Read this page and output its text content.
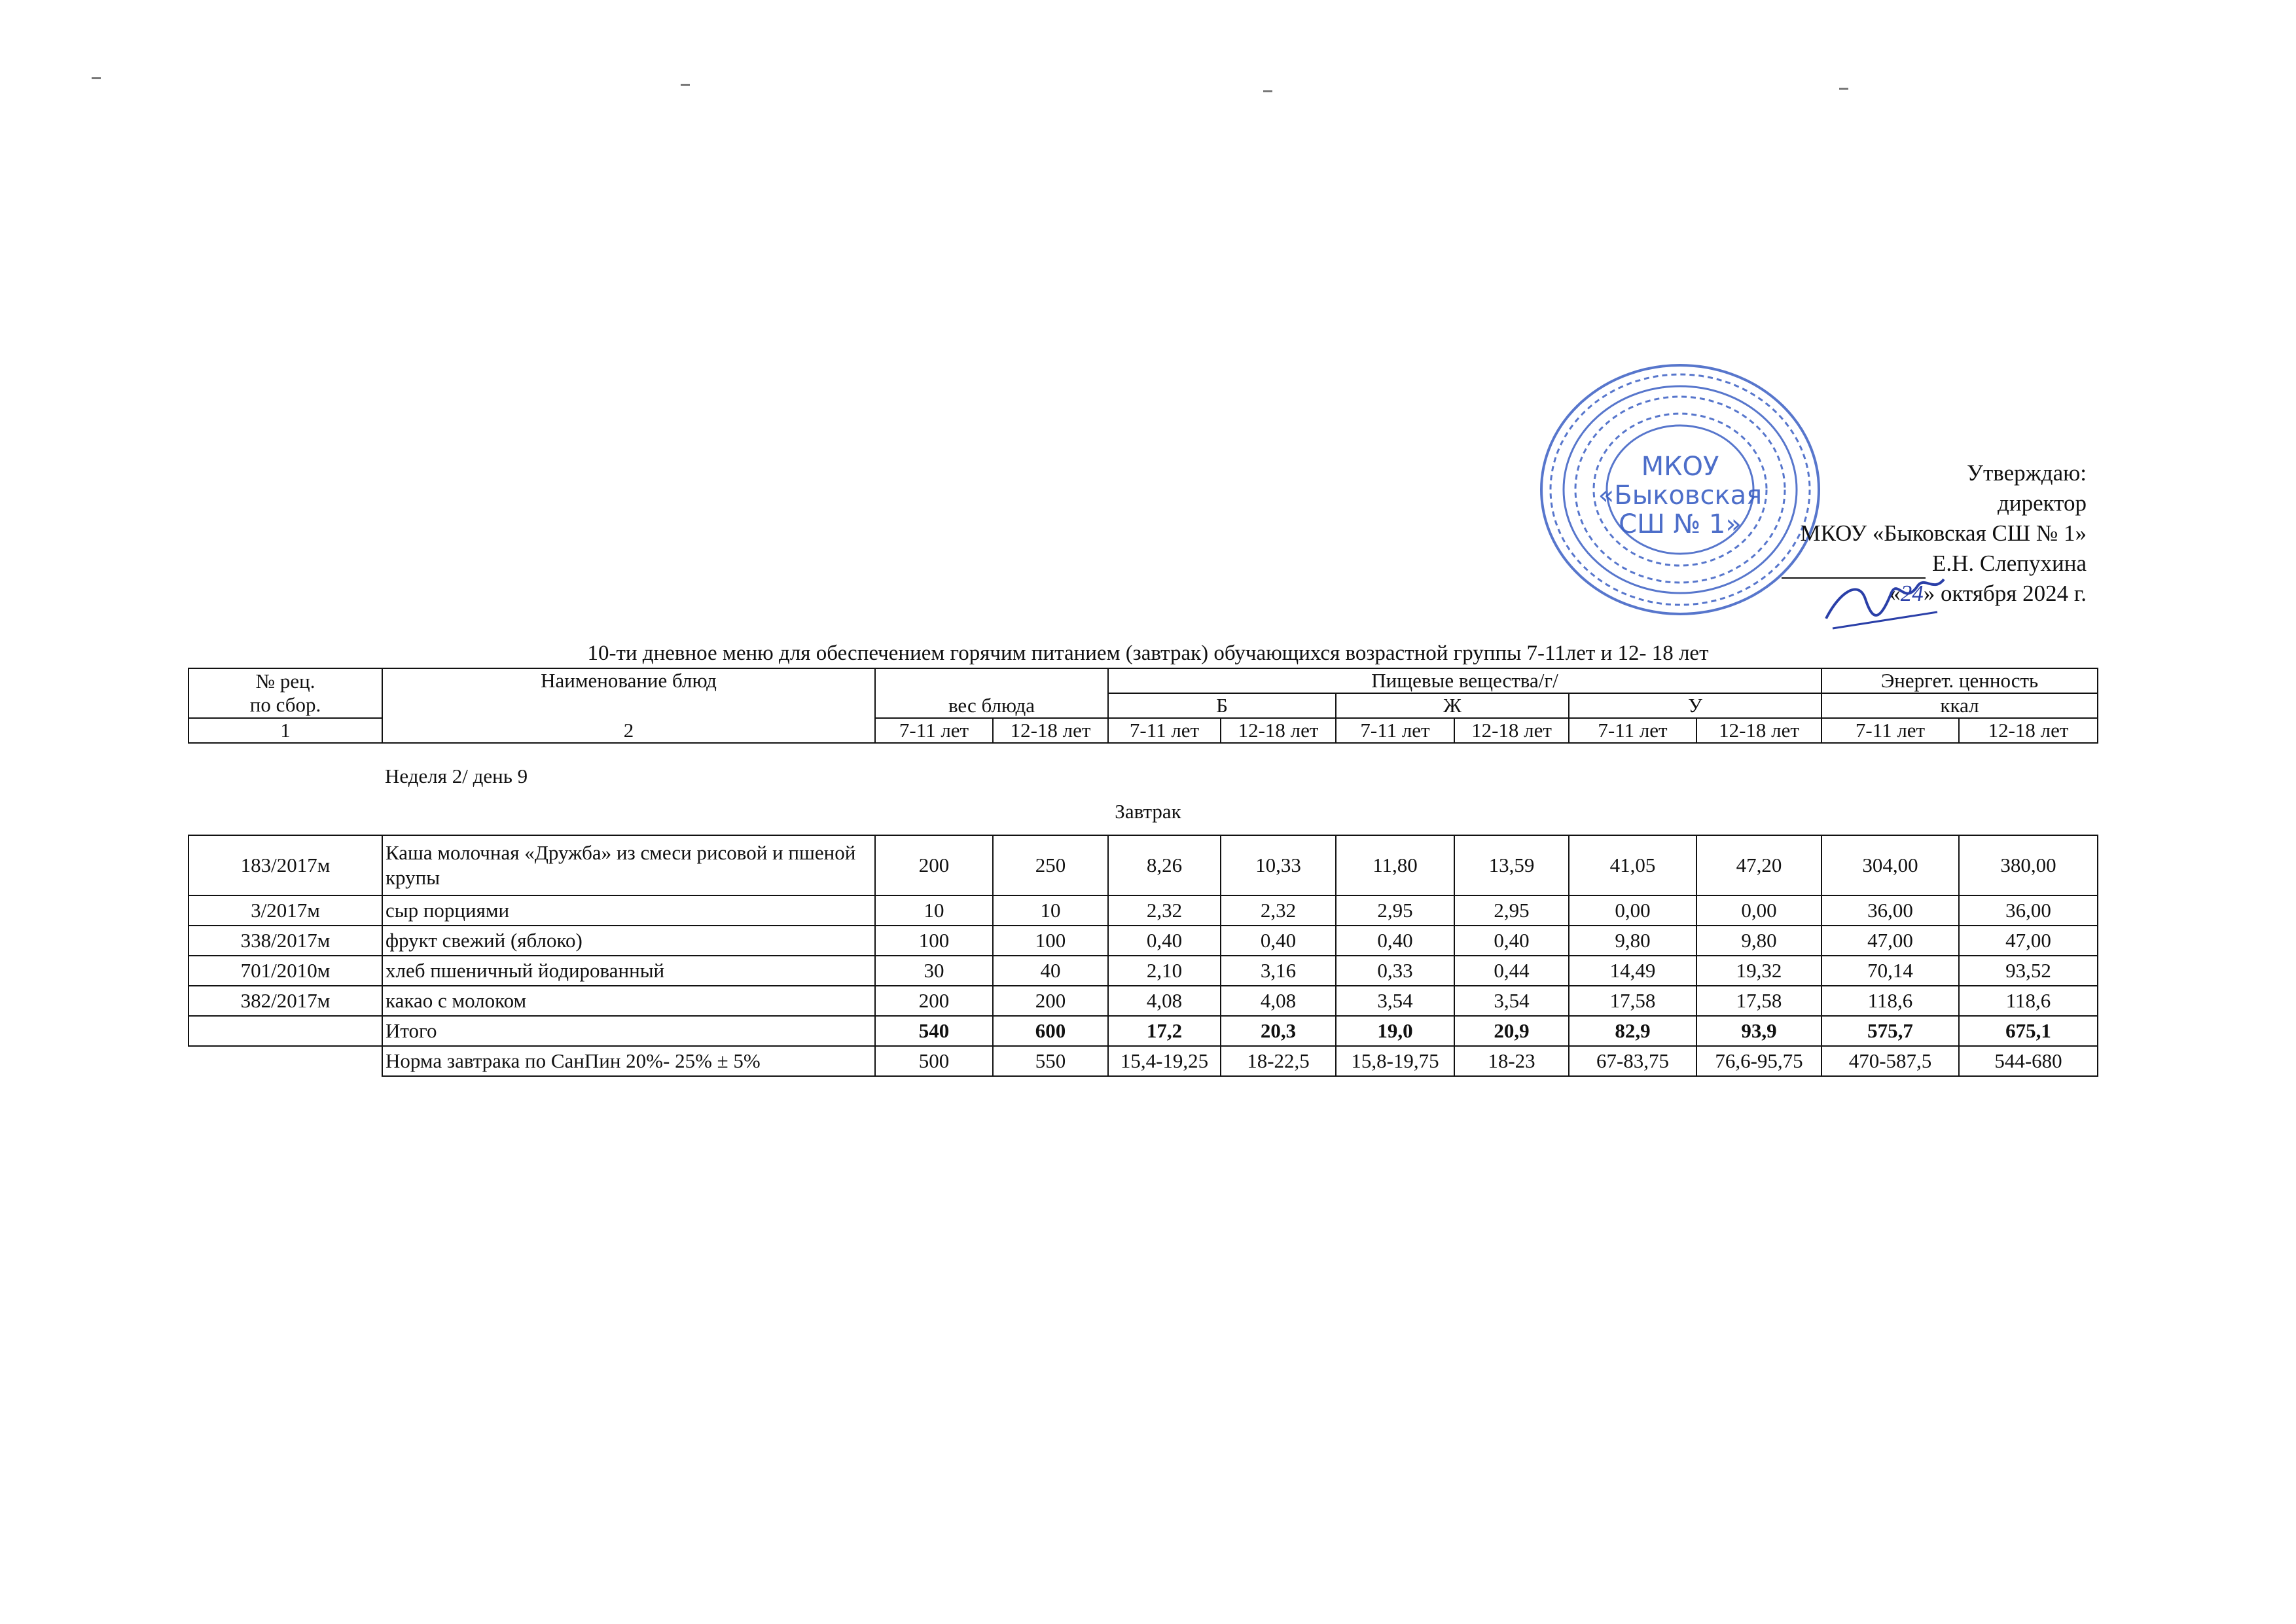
МКОУ
«Быковская
СШ № 1»
Утверждаю:
директор
МКОУ «Быковская СШ № 1»
Е.Н. Слепухина
«24» октября 2024 г.
10-ти дневное меню для обеспечением горячим питанием (завтрак) обучающихся возрастной группы 7-11лет и 12- 18 лет
№ рец.
по сбор.	Наименование блюд	вес блюда		Пищевые вещества/г/						Энергет. ценность	
				Б		Ж		У		ккал	
1	2	7-11 лет	12-18 лет	7-11 лет	12-18 лет	7-11 лет	12-18 лет	7-11 лет	12-18 лет	7-11 лет	12-18 лет
Неделя 2/ день 9
Завтрак
183/2017м	Каша молочная «Дружба» из смеси рисовой и пшеной крупы	200	250	8,26	10,33	11,80	13,59	41,05	47,20	304,00	380,00
3/2017м	сыр порциями	10	10	2,32	2,32	2,95	2,95	0,00	0,00	36,00	36,00
338/2017м	фрукт свежий (яблоко)	100	100	0,40	0,40	0,40	0,40	9,80	9,80	47,00	47,00
701/2010м	хлеб пшеничный йодированный	30	40	2,10	3,16	0,33	0,44	14,49	19,32	70,14	93,52
382/2017м	какао с молоком	200	200	4,08	4,08	3,54	3,54	17,58	17,58	118,6	118,6
	Итого	540	600	17,2	20,3	19,0	20,9	82,9	93,9	575,7	675,1
	Норма завтрака по СанПин 20%- 25% ± 5%	500	550	15,4-19,25	18-22,5	15,8-19,75	18-23	67-83,75	76,6-95,75	470-587,5	544-680
